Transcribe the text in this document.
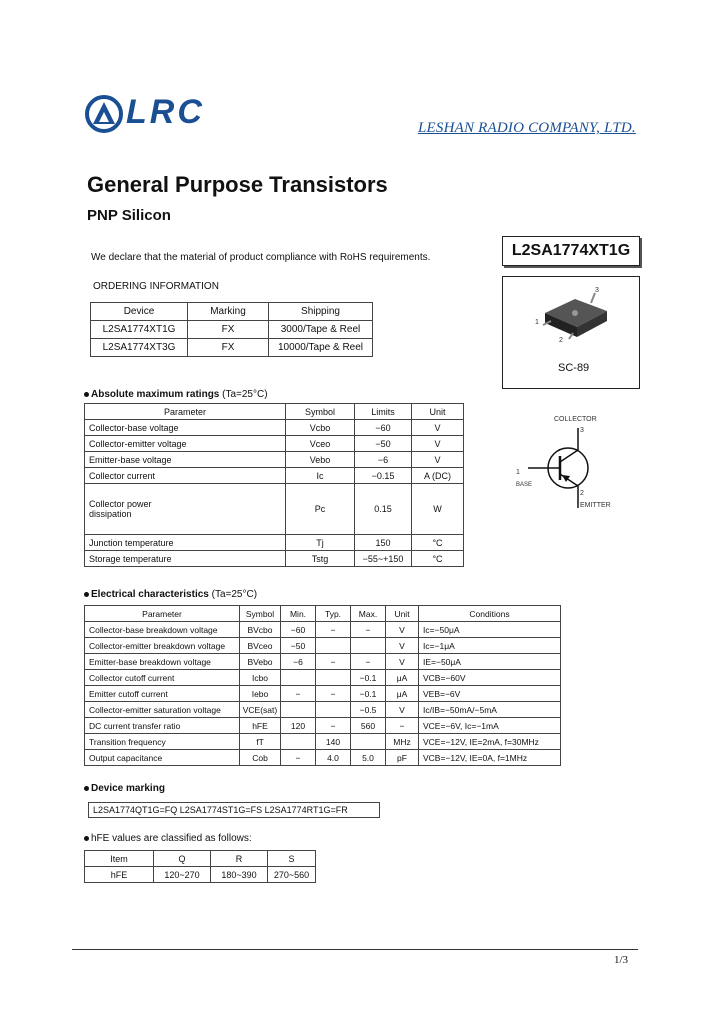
LRC	LESHAN RADIO COMPANY, LTD.
General Purpose Transistors
PNP Silicon
We declare that the material of product compliance with RoHS requirements.	L2SA1774XT1G
ORDERING INFORMATION
Device	Marking	Shipping
L2SA1774XT1G	FX	3000/Tape & Reel
L2SA1774XT3G	FX	10000/Tape & Reel
3
1
2
SC-89
Absolute maximum ratings (Ta=25°C)
Parameter	Symbol	Limits	Unit
Collector-base voltage	Vcbo	−60	V
Collector-emitter voltage	Vceo	−50	V
Emitter-base voltage	Vebo	−6	V
Collector current	Ic	−0.15	A (DC)
Collector power dissipation	Pc	0.15	W
Junction temperature	Tj	150	°C
Storage temperature	Tstg	−55~+150	°C
COLLECTOR
3
1
BASE
2
EMITTER
Electrical characteristics (Ta=25°C)
Parameter	Symbol	Min.	Typ.	Max.	Unit	Conditions
Collector-base breakdown voltage	BVcbo	−60	−	−	V	Ic=−50μA
Collector-emitter breakdown voltage	BVceo	−50			V	Ic=−1μA
Emitter-base breakdown voltage	BVebo	−6	−	−	V	IE=−50μA
Collector cutoff current	Icbo			−0.1	μA	VCB=−60V
Emitter cutoff current	Iebo	−	−	−0.1	μA	VEB=−6V
Collector-emitter saturation voltage	VCE(sat)			−0.5	V	Ic/IB=−50mA/−5mA
DC current transfer ratio	hFE	120	−	560	−	VCE=−6V, Ic=−1mA
Transition frequency	fT		140		MHz	VCE=−12V, IE=2mA, f=30MHz
Output capacitance	Cob	−	4.0	5.0	pF	VCB=−12V, IE=0A, f=1MHz
Device marking
L2SA1774QT1G=FQ L2SA1774ST1G=FS L2SA1774RT1G=FR
hFE values are classified as follows:
Item	Q	R	S
hFE	120~270	180~390	270~560
1/3
